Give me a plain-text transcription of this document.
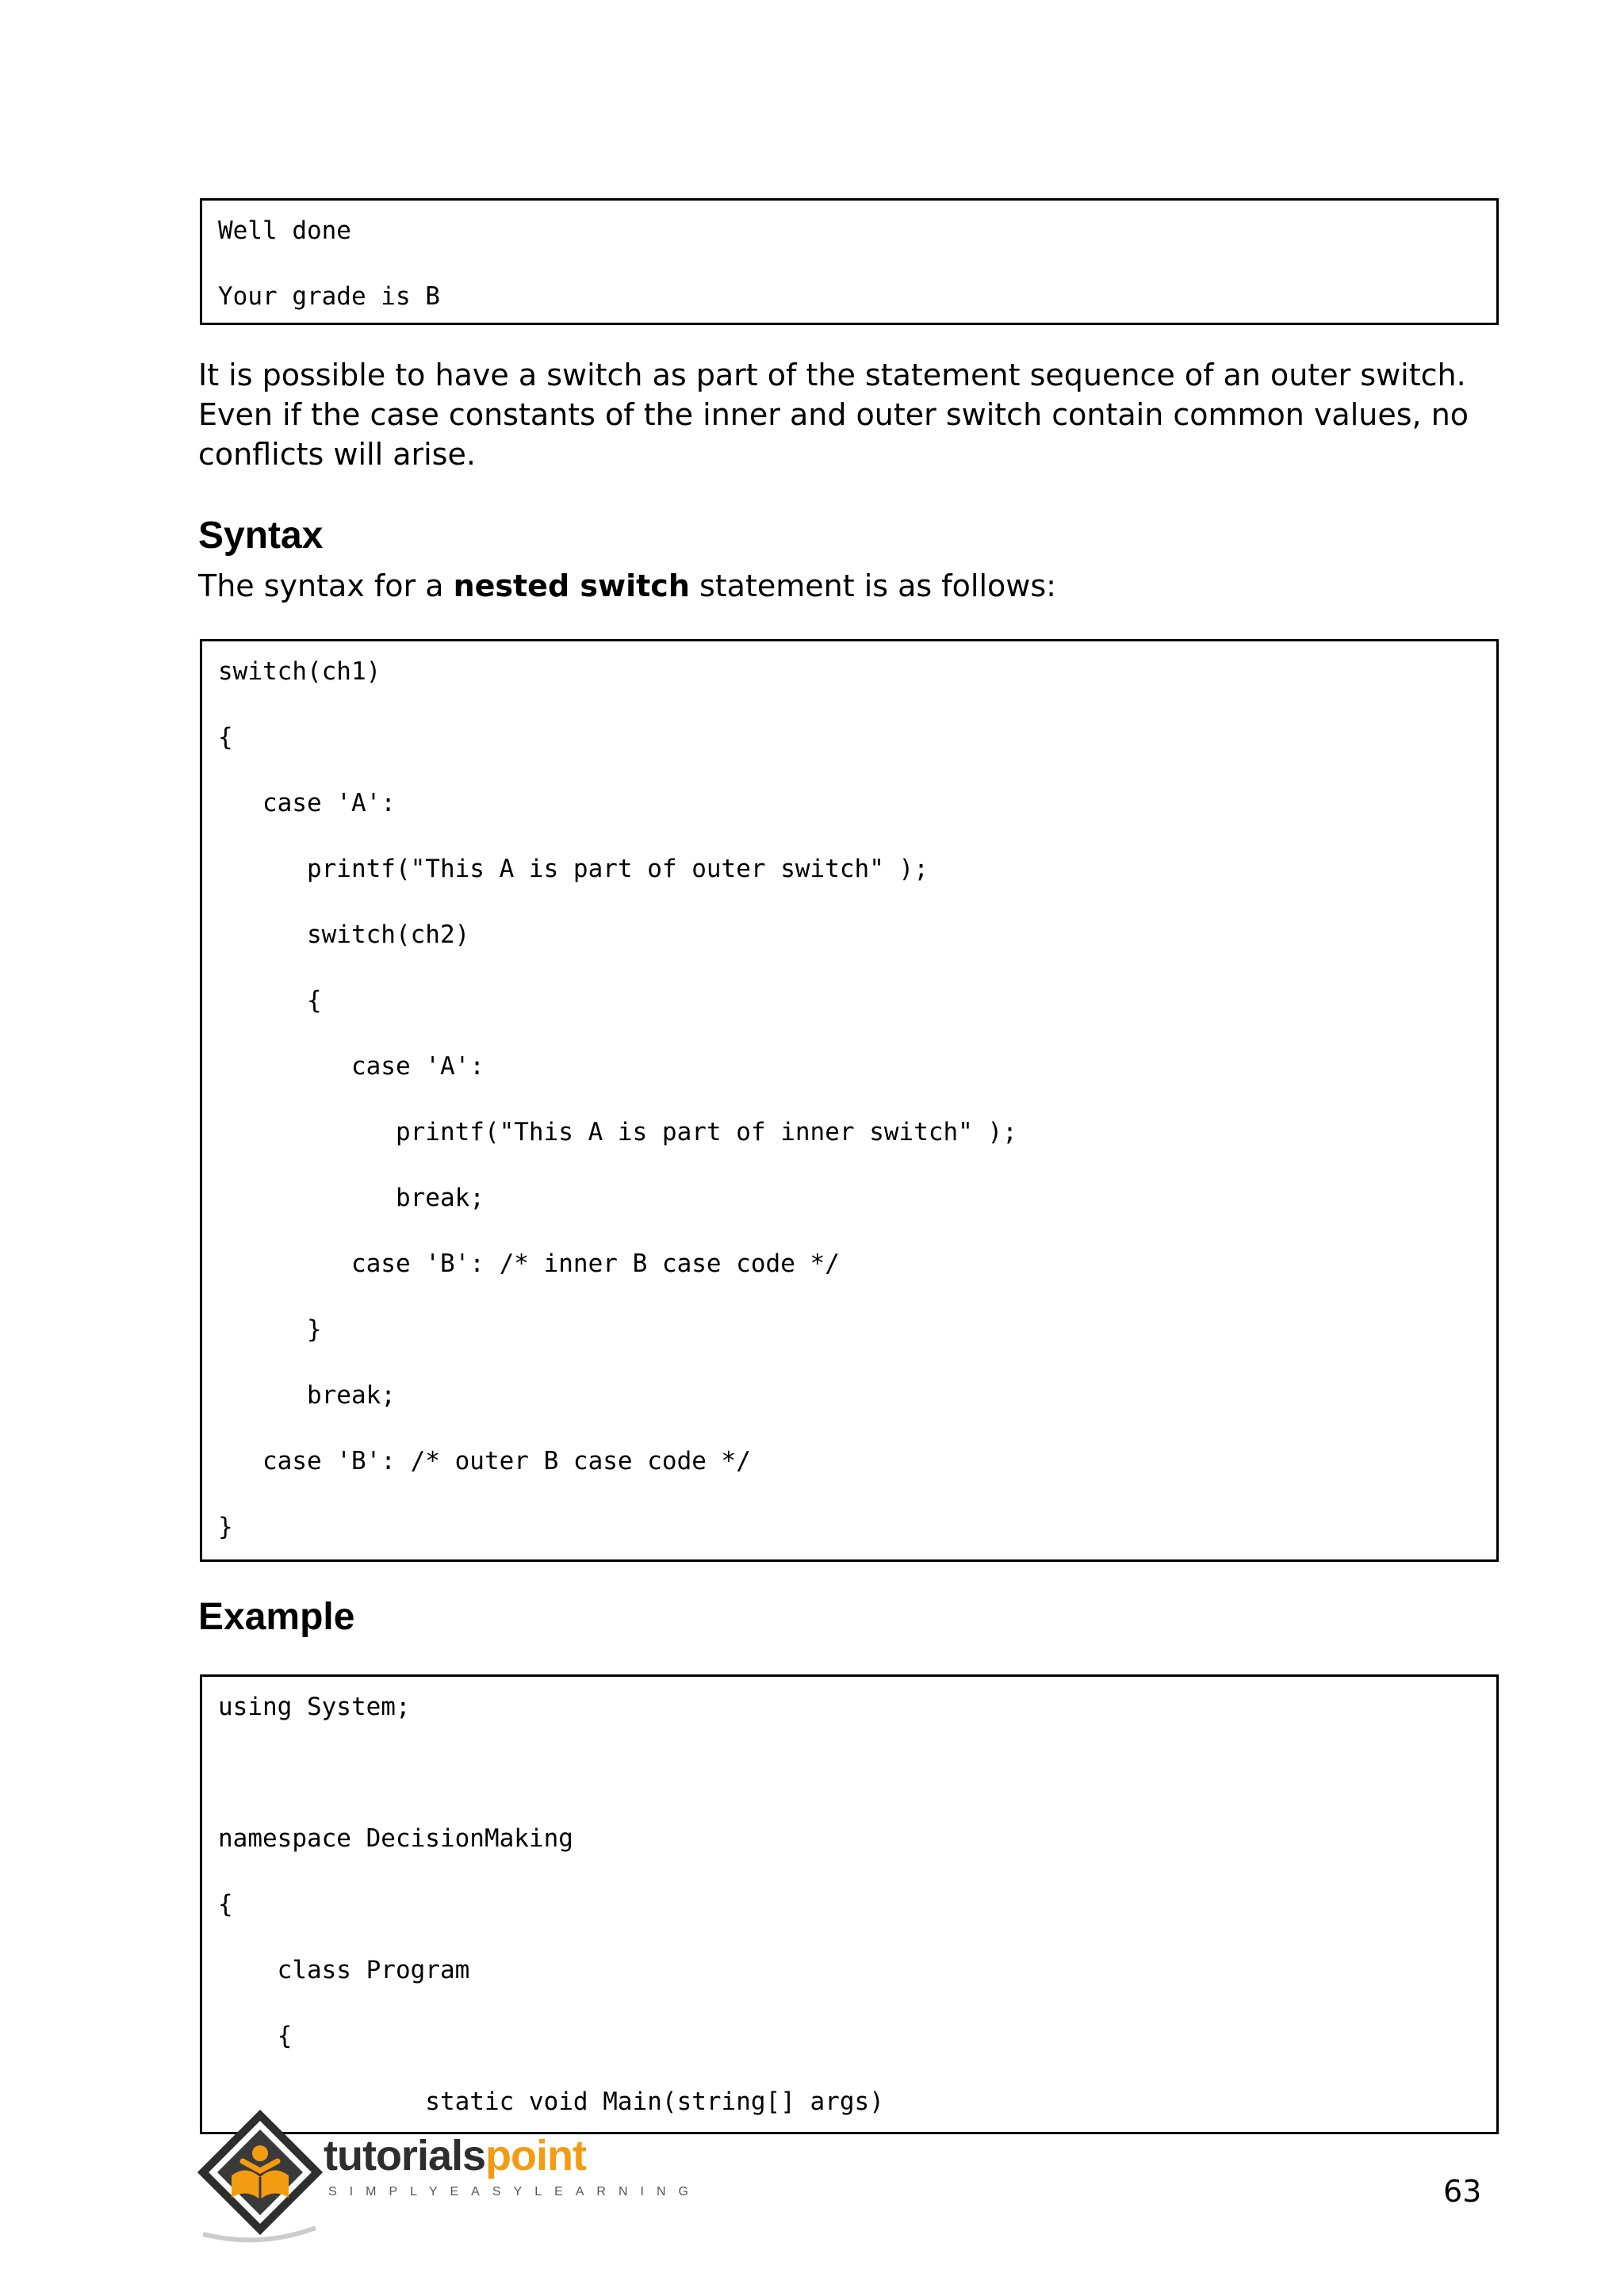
Well done
Your grade is B

It is possible to have a switch as part of the statement sequence of an outer switch. Even if the case constants of the inner and outer switch contain common values, no conflicts will arise.

Syntax

The syntax for a nested switch statement is as follows:

switch(ch1)
{
case 'A':
printf("This A is part of outer switch" );
switch(ch2)
{
case 'A':
printf("This A is part of inner switch" );
break;
case 'B': /* inner B case code */
}
break;
case 'B': /* outer B case code */
}
Example
using System;
namespace DecisionMaking
{
class Program
{
static void Main(string[] args)
tutorialspoint
SIMPLYEASYLEARNING	63
